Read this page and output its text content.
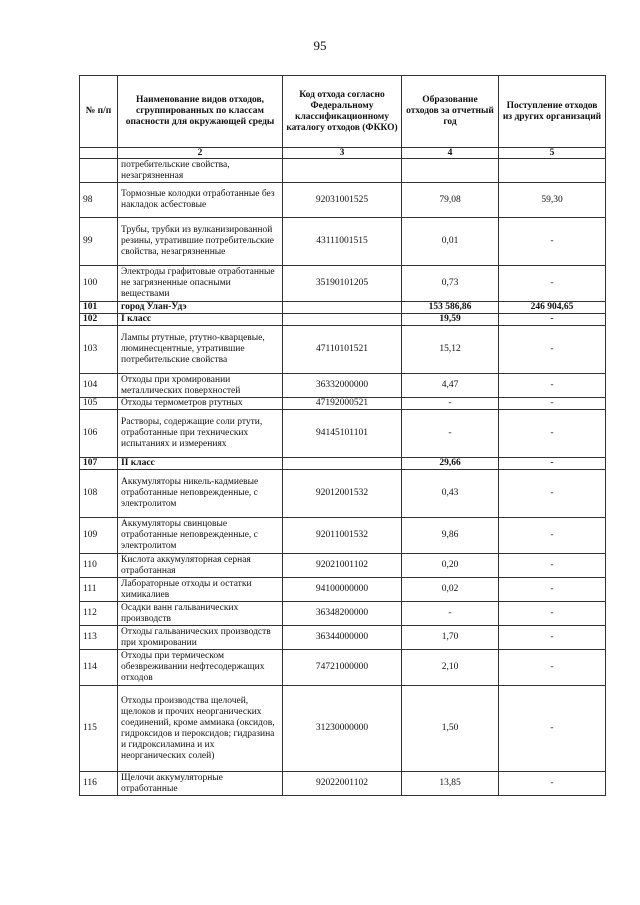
95
№ п/п	Наименование видов отходов, сгруппированных по классам опасности для окружающей среды	Код отхода согласно Федеральному классификационному каталогу отходов (ФККО)	Образование отходов за отчетный год	Поступление отходов из других организаций
	2	3	4	5
	потребительские свойства, незагрязненная			
98	Тормозные колодки отработанные без накладок асбестовые	92031001525	79,08	59,30
99	Трубы, трубки из вулканизированной резины, утратившие потребительские свойства, незагрязненные	43111001515	0,01	-
100	Электроды графитовые отработанные не загрязненные опасными веществами	35190101205	0,73	-
101	город Улан-Удэ		153 586,86	246 904,65
102	I класс		19,59	-
103	Лампы ртутные, ртутно-кварцевые, люминесцентные, утратившие потребительские свойства	47110101521	15,12	-
104	Отходы при хромировании металлических поверхностей	36332000000	4,47	-
105	Отходы термометров ртутных	47192000521	-	-
106	Растворы, содержащие соли ртути, отработанные при технических испытаниях и измерениях	94145101101	-	-
107	II класс		29,66	-
108	Аккумуляторы никель-кадмиевые отработанные неповрежденные, с электролитом	92012001532	0,43	-
109	Аккумуляторы свинцовые отработанные неповрежденные, с электролитом	92011001532	9,86	-
110	Кислота аккумуляторная серная отработанная	92021001102	0,20	-
111	Лабораторные отходы и остатки химикалиев	94100000000	0,02	-
112	Осадки ванн гальванических производств	36348200000	-	-
113	Отходы гальванических производств при хромировании	36344000000	1,70	-
114	Отходы при термическом обезвреживании нефтесодержащих отходов	74721000000	2,10	-
115	Отходы производства щелочей, щелоков и прочих неорганических соединений, кроме аммиака (оксидов, гидроксидов и пероксидов; гидразина и гидроксиламина и их неорганических солей)	31230000000	1,50	-
116	Щелочи аккумуляторные отработанные	92022001102	13,85	-
